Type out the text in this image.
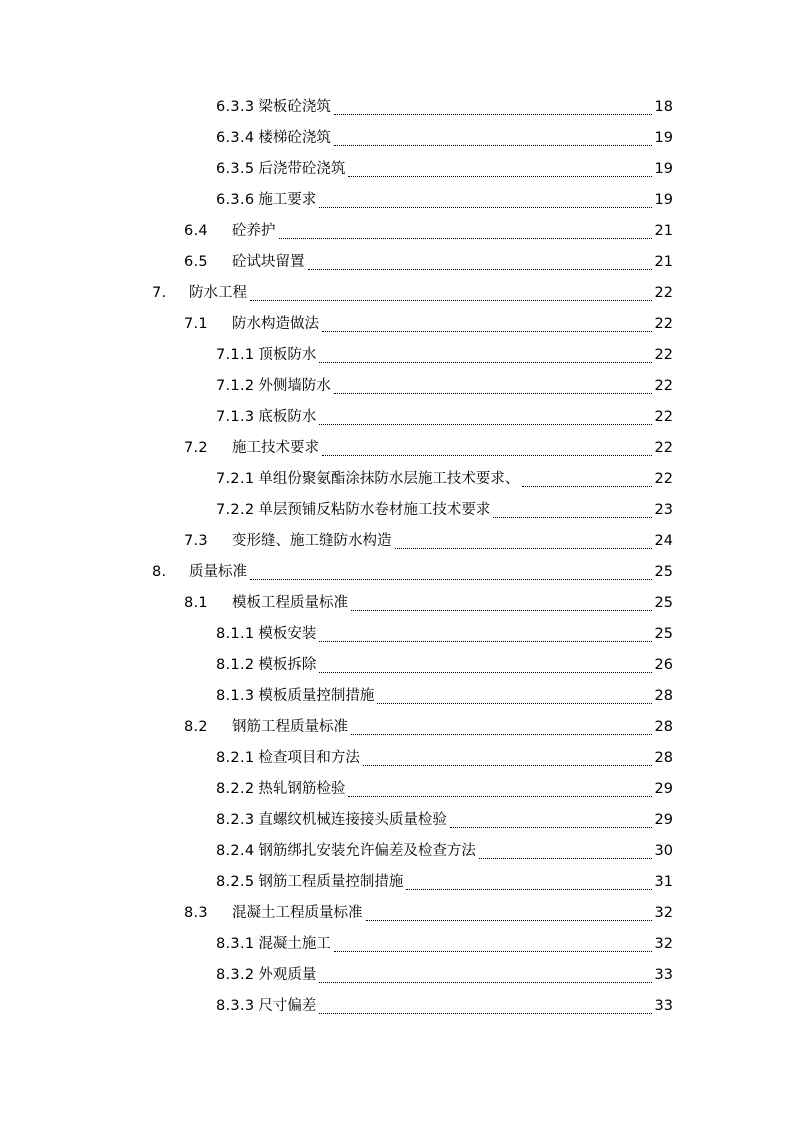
6.3.3 梁板砼浇筑	18
6.3.4 楼梯砼浇筑	19
6.3.5 后浇带砼浇筑	19
6.3.6 施工要求	19
6.4	砼养护	21
6.5	砼试块留置	21
7.	防水工程	22
7.1	防水构造做法	22
7.1.1 顶板防水	22
7.1.2 外侧墙防水	22
7.1.3 底板防水	22
7.2	施工技术要求	22
7.2.1 单组份聚氨酯涂抹防水层施工技术要求、	22
7.2.2 单层预铺反粘防水卷材施工技术要求	23
7.3	变形缝、施工缝防水构造	24
8.	质量标准	25
8.1	模板工程质量标准	25
8.1.1 模板安装	25
8.1.2 模板拆除	26
8.1.3 模板质量控制措施	28
8.2	钢筋工程质量标准	28
8.2.1 检查项目和方法	28
8.2.2 热轧钢筋检验	29
8.2.3 直螺纹机械连接接头质量检验	29
8.2.4 钢筋绑扎安装允许偏差及检查方法	30
8.2.5 钢筋工程质量控制措施	31
8.3	混凝土工程质量标准	32
8.3.1 混凝土施工	32
8.3.2 外观质量	33
8.3.3 尺寸偏差	33
